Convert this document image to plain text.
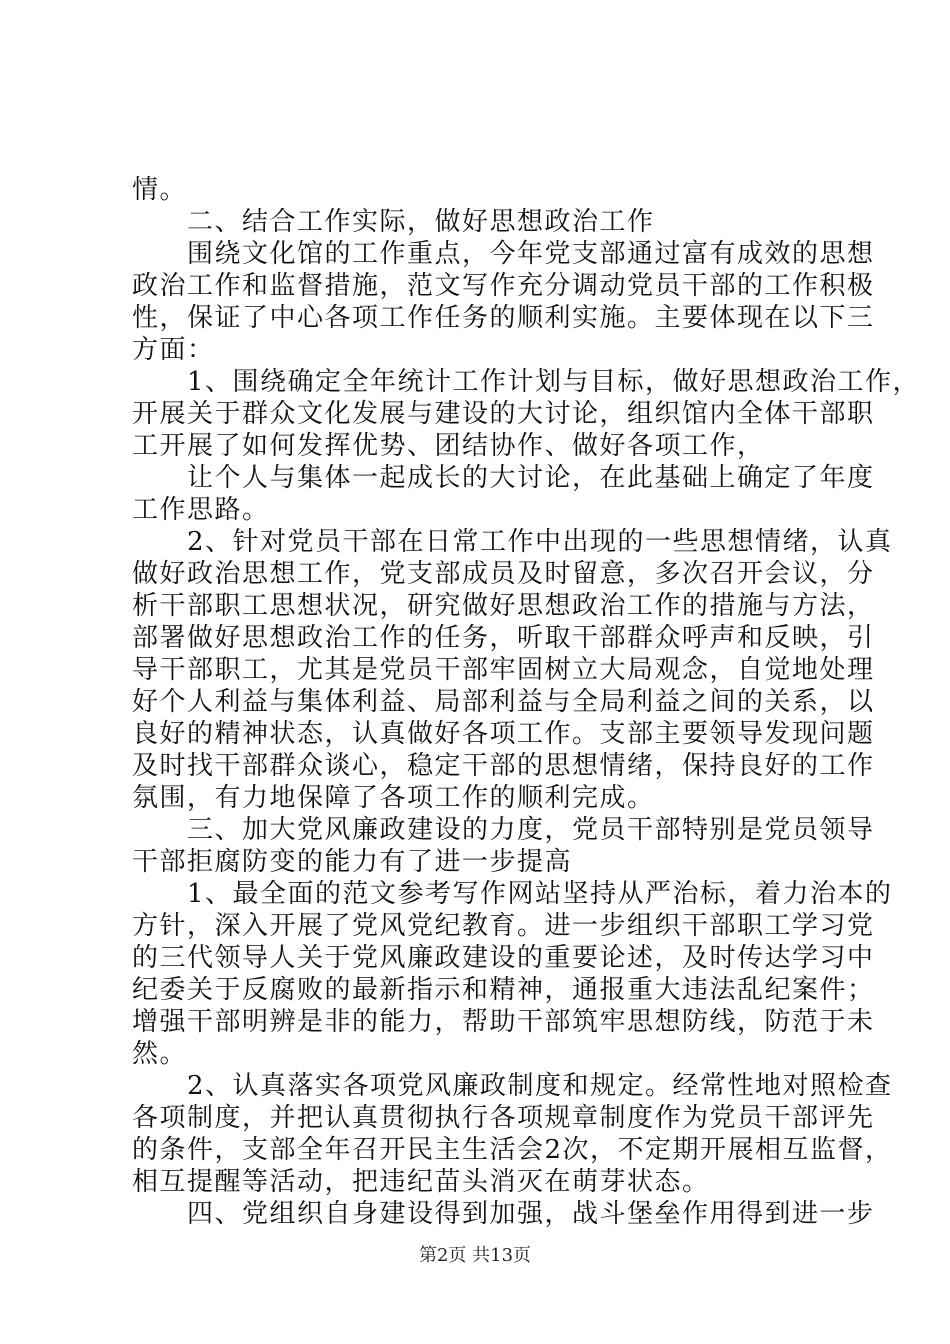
情。
　　二、结合工作实际，做好思想政治工作
　　围绕文化馆的工作重点，今年党支部通过富有成效的思想
政治工作和监督措施，范文写作充分调动党员干部的工作积极
性，保证了中心各项工作任务的顺利实施。主要体现在以下三
方面：
　　1、围绕确定全年统计工作计划与目标，做好思想政治工作，
开展关于群众文化发展与建设的大讨论，组织馆内全体干部职
工开展了如何发挥优势、团结协作、做好各项工作，
　　让个人与集体一起成长的大讨论，在此基础上确定了年度
工作思路。
　　2、针对党员干部在日常工作中出现的一些思想情绪，认真
做好政治思想工作，党支部成员及时留意，多次召开会议，分
析干部职工思想状况，研究做好思想政治工作的措施与方法，
部署做好思想政治工作的任务，听取干部群众呼声和反映，引
导干部职工，尤其是党员干部牢固树立大局观念，自觉地处理
好个人利益与集体利益、局部利益与全局利益之间的关系，以
良好的精神状态，认真做好各项工作。支部主要领导发现问题
及时找干部群众谈心，稳定干部的思想情绪，保持良好的工作
氛围，有力地保障了各项工作的顺利完成。
　　三、加大党风廉政建设的力度，党员干部特别是党员领导
干部拒腐防变的能力有了进一步提高
　　1、最全面的范文参考写作网站坚持从严治标，着力治本的
方针，深入开展了党风党纪教育。进一步组织干部职工学习党
的三代领导人关于党风廉政建设的重要论述，及时传达学习中
纪委关于反腐败的最新指示和精神，通报重大违法乱纪案件；
增强干部明辨是非的能力，帮助干部筑牢思想防线，防范于未
然。
　　2、认真落实各项党风廉政制度和规定。经常性地对照检查
各项制度，并把认真贯彻执行各项规章制度作为党员干部评先
的条件，支部全年召开民主生活会2次，不定期开展相互监督，
相互提醒等活动，把违纪苗头消灭在萌芽状态。
　　四、党组织自身建设得到加强，战斗堡垒作用得到进一步
第2页 共13页
